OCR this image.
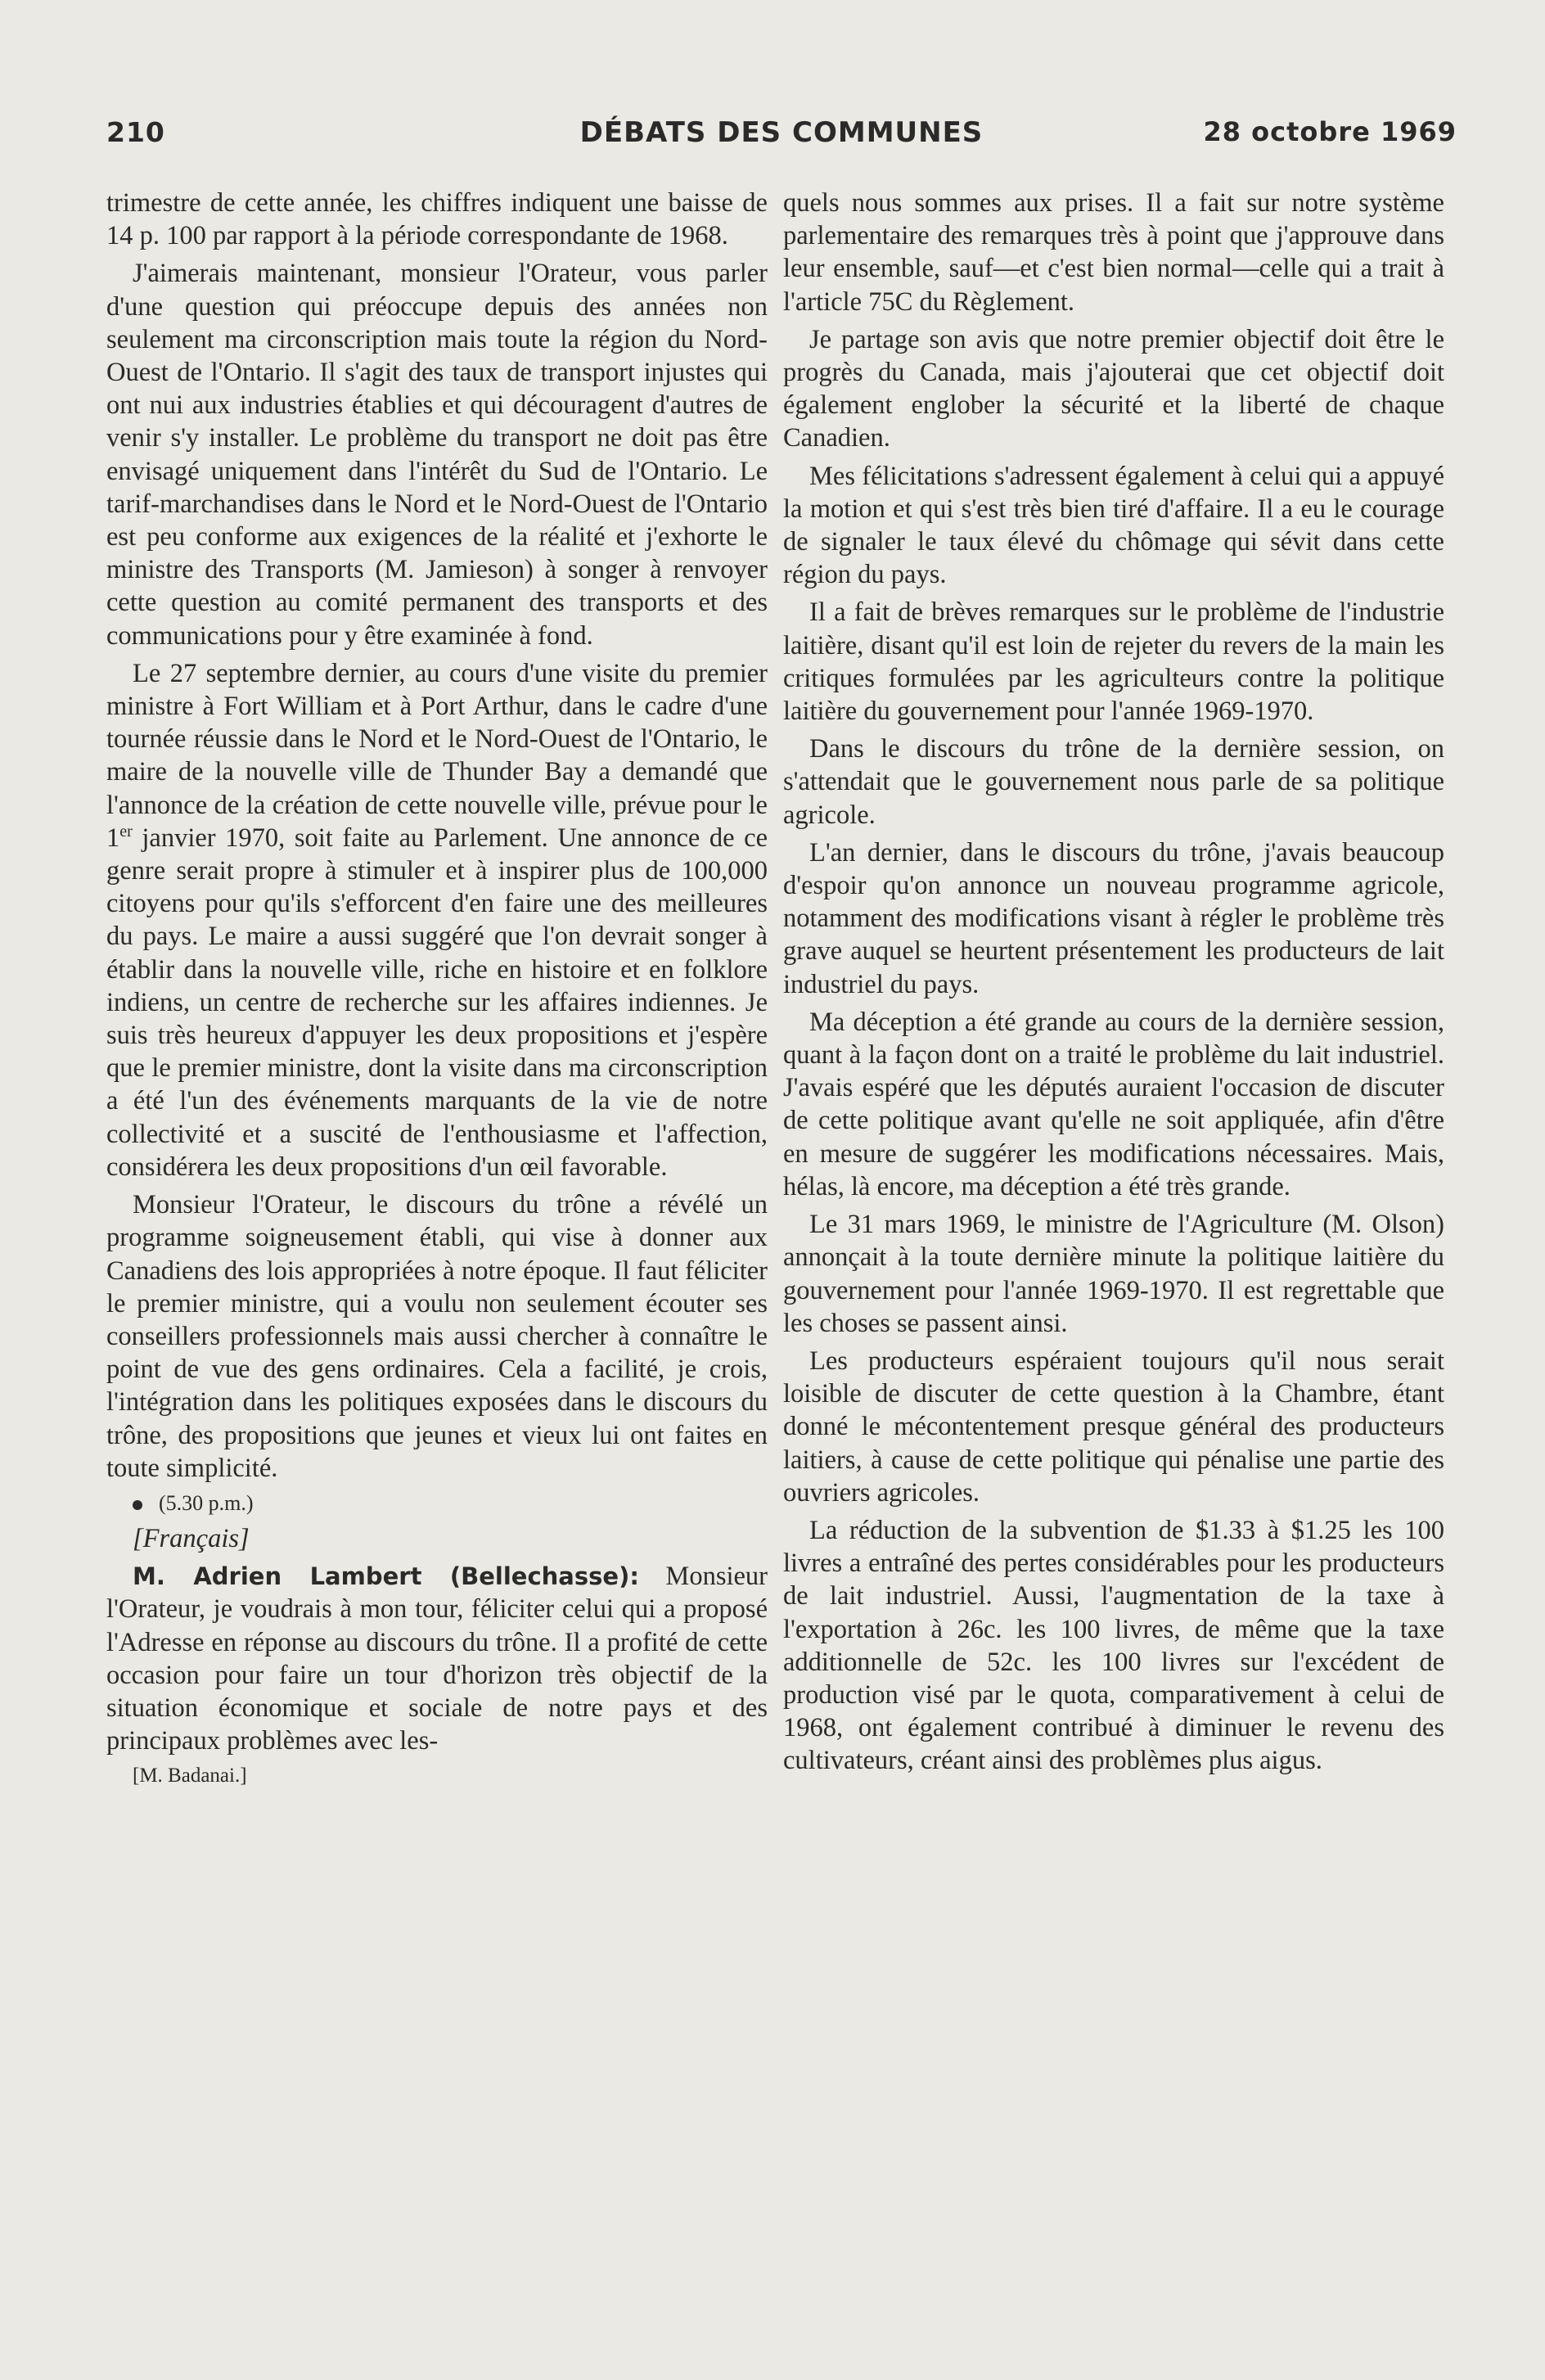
210	DÉBATS DES COMMUNES	28 octobre 1969

trimestre de cette année, les chiffres indiquent une baisse de 14 p. 100 par rapport à la période correspondante de 1968.

J'aimerais maintenant, monsieur l'Orateur, vous parler d'une question qui préoccupe depuis des années non seulement ma circonscription mais toute la région du Nord-Ouest de l'Ontario. Il s'agit des taux de transport injustes qui ont nui aux industries établies et qui découragent d'autres de venir s'y installer. Le problème du transport ne doit pas être envisagé uniquement dans l'intérêt du Sud de l'Ontario. Le tarif-marchandises dans le Nord et le Nord-Ouest de l'Ontario est peu conforme aux exigences de la réalité et j'exhorte le ministre des Transports (M. Jamieson) à songer à renvoyer cette question au comité permanent des transports et des communications pour y être examinée à fond.

Le 27 septembre dernier, au cours d'une visite du premier ministre à Fort William et à Port Arthur, dans le cadre d'une tournée réussie dans le Nord et le Nord-Ouest de l'Ontario, le maire de la nouvelle ville de Thunder Bay a demandé que l'annonce de la création de cette nouvelle ville, prévue pour le 1er janvier 1970, soit faite au Parlement. Une annonce de ce genre serait propre à stimuler et à inspirer plus de 100,000 citoyens pour qu'ils s'efforcent d'en faire une des meilleures du pays. Le maire a aussi suggéré que l'on devrait songer à établir dans la nouvelle ville, riche en histoire et en folklore indiens, un centre de recherche sur les affaires indiennes. Je suis très heureux d'appuyer les deux propositions et j'espère que le premier ministre, dont la visite dans ma circonscription a été l'un des événements marquants de la vie de notre collectivité et a suscité de l'enthousiasme et l'affection, considérera les deux propositions d'un œil favorable.

Monsieur l'Orateur, le discours du trône a révélé un programme soigneusement établi, qui vise à donner aux Canadiens des lois appropriées à notre époque. Il faut féliciter le premier ministre, qui a voulu non seulement écouter ses conseillers professionnels mais aussi chercher à connaître le point de vue des gens ordinaires. Cela a facilité, je crois, l'intégration dans les politiques exposées dans le discours du trône, des propositions que jeunes et vieux lui ont faites en toute simplicité.

(5.30 p.m.)

[Français]

M. Adrien Lambert (Bellechasse): Monsieur l'Orateur, je voudrais à mon tour, féliciter celui qui a proposé l'Adresse en réponse au discours du trône. Il a profité de cette occasion pour faire un tour d'horizon très objectif de la situation économique et sociale de notre pays et des principaux problèmes avec les-

[M. Badanai.]

quels nous sommes aux prises. Il a fait sur notre système parlementaire des remarques très à point que j'approuve dans leur ensemble, sauf—et c'est bien normal—celle qui a trait à l'article 75C du Règlement.

Je partage son avis que notre premier objectif doit être le progrès du Canada, mais j'ajouterai que cet objectif doit également englober la sécurité et la liberté de chaque Canadien.

Mes félicitations s'adressent également à celui qui a appuyé la motion et qui s'est très bien tiré d'affaire. Il a eu le courage de signaler le taux élevé du chômage qui sévit dans cette région du pays.

Il a fait de brèves remarques sur le problème de l'industrie laitière, disant qu'il est loin de rejeter du revers de la main les critiques formulées par les agriculteurs contre la politique laitière du gouvernement pour l'année 1969-1970.

Dans le discours du trône de la dernière session, on s'attendait que le gouvernement nous parle de sa politique agricole.

L'an dernier, dans le discours du trône, j'avais beaucoup d'espoir qu'on annonce un nouveau programme agricole, notamment des modifications visant à régler le problème très grave auquel se heurtent présentement les producteurs de lait industriel du pays.

Ma déception a été grande au cours de la dernière session, quant à la façon dont on a traité le problème du lait industriel. J'avais espéré que les députés auraient l'occasion de discuter de cette politique avant qu'elle ne soit appliquée, afin d'être en mesure de suggérer les modifications nécessaires. Mais, hélas, là encore, ma déception a été très grande.

Le 31 mars 1969, le ministre de l'Agriculture (M. Olson) annonçait à la toute dernière minute la politique laitière du gouvernement pour l'année 1969-1970. Il est regrettable que les choses se passent ainsi.

Les producteurs espéraient toujours qu'il nous serait loisible de discuter de cette question à la Chambre, étant donné le mécontentement presque général des producteurs laitiers, à cause de cette politique qui pénalise une partie des ouvriers agricoles.

La réduction de la subvention de $1.33 à $1.25 les 100 livres a entraîné des pertes considérables pour les producteurs de lait industriel. Aussi, l'augmentation de la taxe à l'exportation à 26c. les 100 livres, de même que la taxe additionnelle de 52c. les 100 livres sur l'excédent de production visé par le quota, comparativement à celui de 1968, ont également contribué à diminuer le revenu des cultivateurs, créant ainsi des problèmes plus aigus.
